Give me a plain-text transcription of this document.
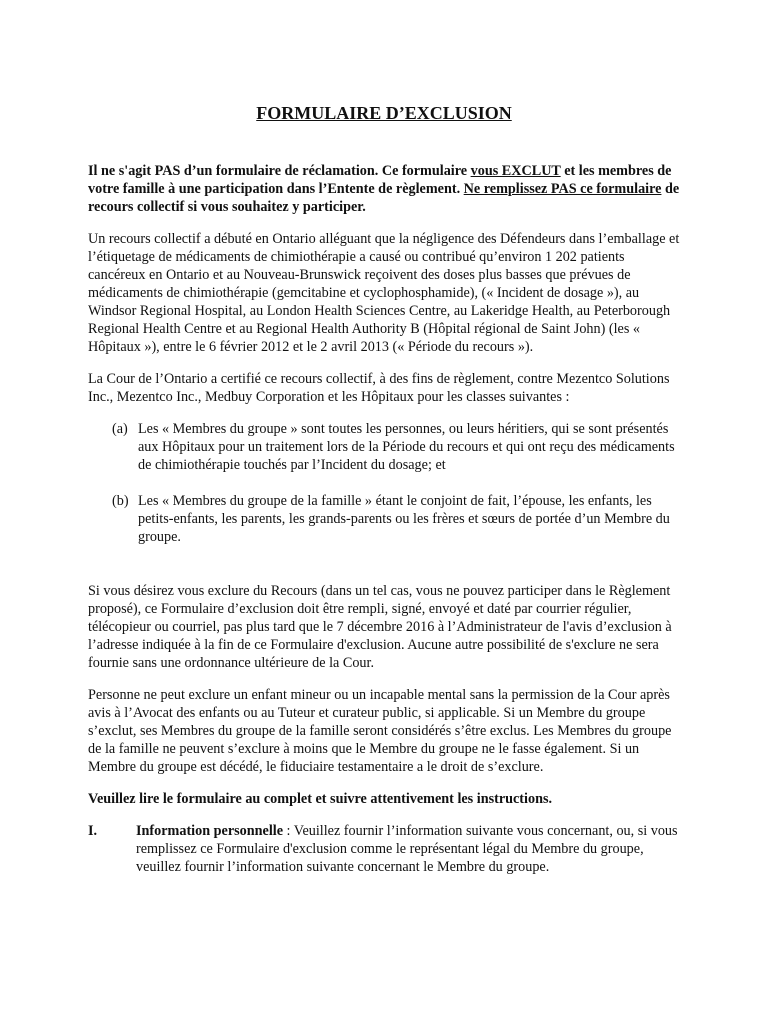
FORMULAIRE D’EXCLUSION

Il ne s'agit PAS d’un formulaire de réclamation. Ce formulaire vous EXCLUT et les membres de votre famille à une participation dans l’Entente de règlement. Ne remplissez PAS ce formulaire de recours collectif si vous souhaitez y participer.

Un recours collectif a débuté en Ontario alléguant que la négligence des Défendeurs dans l’emballage et l’étiquetage de médicaments de chimiothérapie a causé ou contribué qu’environ 1 202 patients cancéreux en Ontario et au Nouveau-Brunswick reçoivent des doses plus basses que prévues de médicaments de chimiothérapie (gemcitabine et cyclophosphamide), (« Incident de dosage »), au Windsor Regional Hospital, au London Health Sciences Centre, au Lakeridge Health, au Peterborough Regional Health Centre et au Regional Health Authority B (Hôpital régional de Saint John) (les « Hôpitaux »), entre le 6 février 2012 et le 2 avril 2013 (« Période du recours »).

La Cour de l’Ontario a certifié ce recours collectif, à des fins de règlement, contre Mezentco Solutions Inc., Mezentco Inc., Medbuy Corporation et les Hôpitaux pour les classes suivantes :

(a) Les « Membres du groupe » sont toutes les personnes, ou leurs héritiers, qui se sont présentés aux Hôpitaux pour un traitement lors de la Période du recours et qui ont reçu des médicaments de chimiothérapie touchés par l’Incident du dosage; et
(b) Les « Membres du groupe de la famille » étant le conjoint de fait, l’épouse, les enfants, les petits-enfants, les parents, les grands-parents ou les frères et sœurs de portée d’un Membre du groupe.

Si vous désirez vous exclure du Recours (dans un tel cas, vous ne pouvez participer dans le Règlement proposé), ce Formulaire d’exclusion doit être rempli, signé, envoyé et daté par courrier régulier, télécopieur ou courriel, pas plus tard que le 7 décembre 2016 à l’Administrateur de l'avis d’exclusion à l’adresse indiquée à la fin de ce Formulaire d'exclusion. Aucune autre possibilité de s'exclure ne sera fournie sans une ordonnance ultérieure de la Cour.

Personne ne peut exclure un enfant mineur ou un incapable mental sans la permission de la Cour après avis à l’Avocat des enfants ou au Tuteur et curateur public, si applicable. Si un Membre du groupe s’exclut, ses Membres du groupe de la famille seront considérés s’être exclus. Les Membres du groupe de la famille ne peuvent s’exclure à moins que le Membre du groupe ne le fasse également. Si un Membre du groupe est décédé, le fiduciaire testamentaire a le droit de s’exclure.

Veuillez lire le formulaire au complet et suivre attentivement les instructions.

I.	Information personnelle : Veuillez fournir l’information suivante vous concernant, ou, si vous remplissez ce Formulaire d'exclusion comme le représentant légal du Membre du groupe, veuillez fournir l’information suivante concernant le Membre du groupe.
